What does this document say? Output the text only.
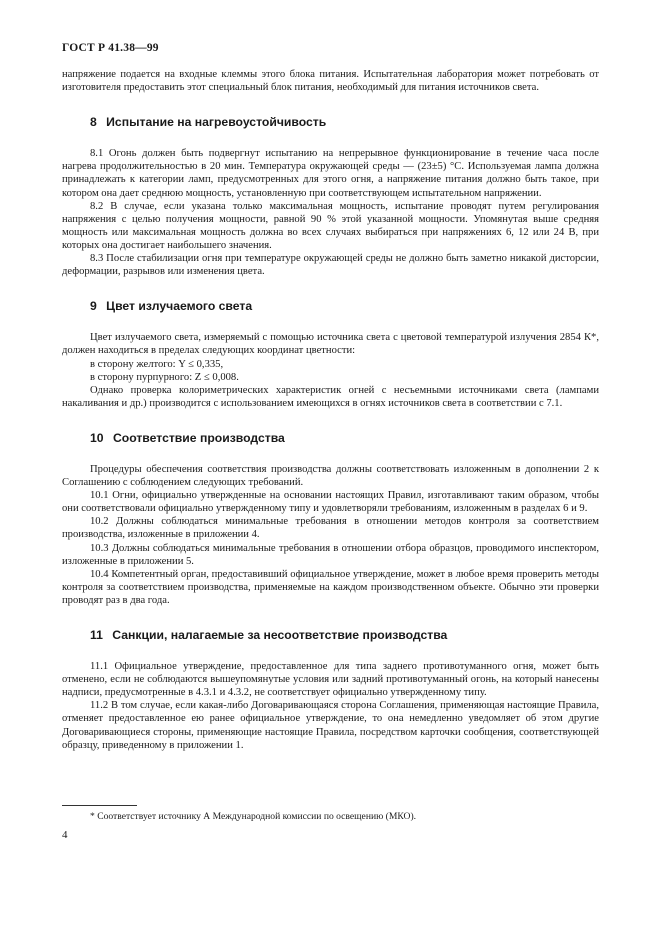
ГОСТ Р 41.38—99

напряжение подается на входные клеммы этого блока питания. Испытательная лаборатория может потребовать от изготовителя предоставить этот специальный блок питания, необходимый для питания источников света.

8 Испытание на нагревоустойчивость

8.1 Огонь должен быть подвергнут испытанию на непрерывное функционирование в течение часа после нагрева продолжительностью в 20 мин. Температура окружающей среды — (23±5) °С. Используемая лампа должна принадлежать к категории ламп, предусмотренных для этого огня, а напряжение питания должно быть такое, при котором она дает среднюю мощность, установленную при соответствующем испытательном напряжении.

8.2 В случае, если указана только максимальная мощность, испытание проводят путем регулирования напряжения с целью получения мощности, равной 90 % этой указанной мощности. Упомянутая выше средняя мощность или максимальная мощность должна во всех случаях выбираться при напряжениях 6, 12 или 24 В, при которых она достигает наибольшего значения.

8.3 После стабилизации огня при температуре окружающей среды не должно быть заметно никакой дисторсии, деформации, разрывов или изменения цвета.

9 Цвет излучаемого света

Цвет излучаемого света, измеряемый с помощью источника света с цветовой температурой излучения 2854 К*, должен находиться в пределах следующих координат цветности:

в сторону желтого: Y ≤ 0,335,

в сторону пурпурного: Z ≤ 0,008.

Однако проверка колориметрических характеристик огней с несъемными источниками света (лампами накаливания и др.) производится с использованием имеющихся в огнях источников света в соответствии с 7.1.

10 Соответствие производства

Процедуры обеспечения соответствия производства должны соответствовать изложенным в дополнении 2 к Соглашению с соблюдением следующих требований.

10.1 Огни, официально утвержденные на основании настоящих Правил, изготавливают таким образом, чтобы они соответствовали официально утвержденному типу и удовлетворяли требованиям, изложенным в разделах 6 и 9.

10.2 Должны соблюдаться минимальные требования в отношении методов контроля за соответствием производства, изложенные в приложении 4.

10.3 Должны соблюдаться минимальные требования в отношении отбора образцов, проводимого инспектором, изложенные в приложении 5.

10.4 Компетентный орган, предоставивший официальное утверждение, может в любое время проверить методы контроля за соответствием производства, применяемые на каждом производственном объекте. Обычно эти проверки проводят раз в два года.

11 Санкции, налагаемые за несоответствие производства

11.1 Официальное утверждение, предоставленное для типа заднего противотуманного огня, может быть отменено, если не соблюдаются вышеупомянутые условия или задний противотуманный огонь, на который нанесены надписи, предусмотренные в 4.3.1 и 4.3.2, не соответствует официально утвержденному типу.

11.2 В том случае, если какая-либо Договаривающаяся сторона Соглашения, применяющая настоящие Правила, отменяет предоставленное ею ранее официальное утверждение, то она немедленно уведомляет об этом другие Договаривающиеся стороны, применяющие настоящие Правила, посредством карточки сообщения, соответствующей образцу, приведенному в приложении 1.

* Соответствует источнику А Международной комиссии по освещению (МКО).
4
